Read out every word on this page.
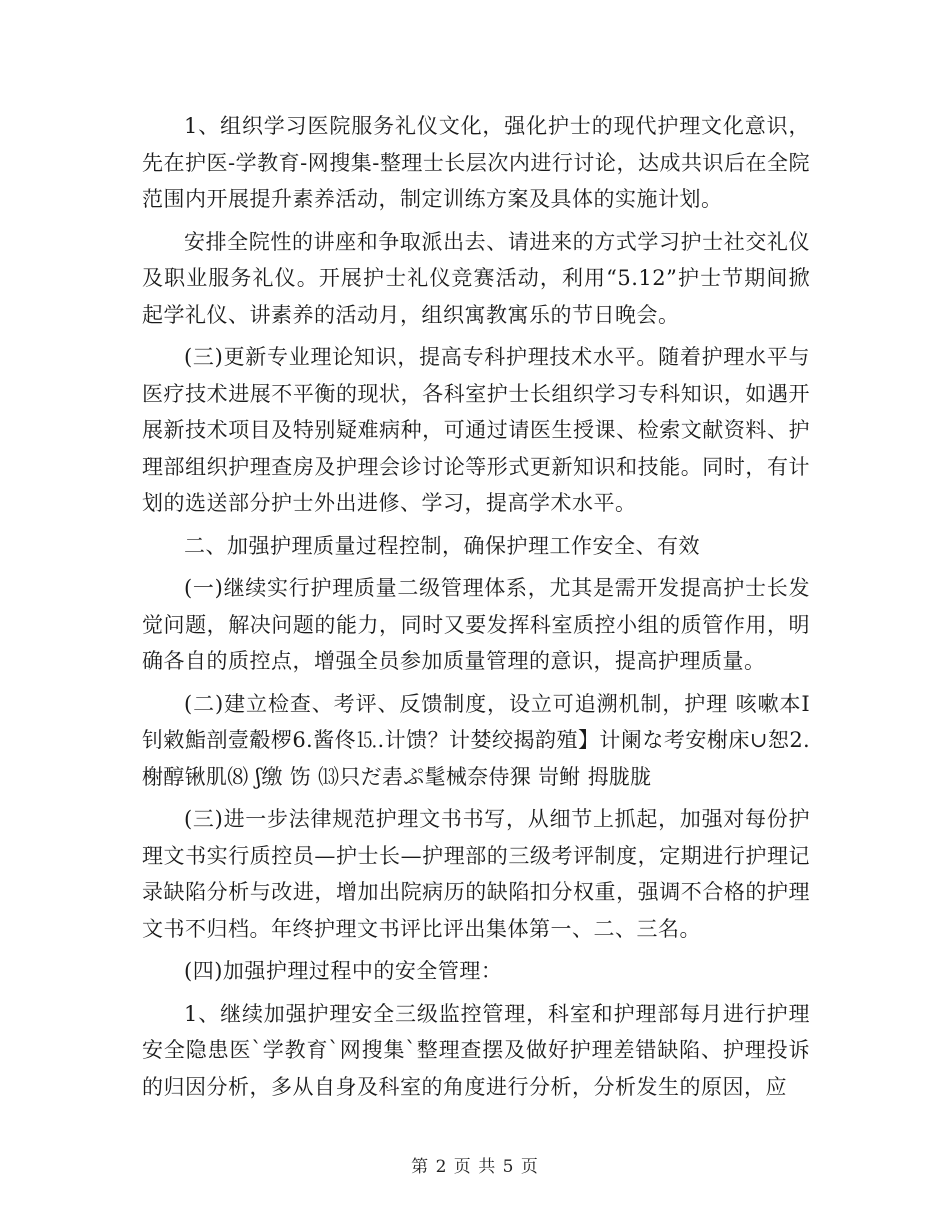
1、组织学习医院服务礼仪文化，强化护士的现代护理文化意识，先在护医-学教育-网搜集-整理士长层次内进行讨论，达成共识后在全院范围内开展提升素养活动，制定训练方案及具体的实施计划。

安排全院性的讲座和争取派出去、请进来的方式学习护士社交礼仪及职业服务礼仪。开展护士礼仪竞赛活动，利用“5.12”护士节期间掀起学礼仪、讲素养的活动月，组织寓教寓乐的节日晚会。

(三)更新专业理论知识，提高专科护理技术水平。随着护理水平与医疗技术进展不平衡的现状，各科室护士长组织学习专科知识，如遇开展新技术项目及特别疑难病种，可通过请医生授课、检索文献资料、护理部组织护理查房及护理会诊讨论等形式更新知识和技能。同时，有计划的选送部分护士外出进修、学习，提高学术水平。

二、加强护理质量过程控制，确保护理工作安全、有效

(一)继续实行护理质量二级管理体系，尤其是需开发提高护士长发觉问题，解决问题的能力，同时又要发挥科室质控小组的质管作用，明确各自的质控点，增强全员参加质量管理的意识，提高护理质量。

(二)建立检查、考评、反馈制度，设立可追溯机制，护理 咳嗽本Ⅰ钊敹鮨剖壹觳椤6.酱佟⒖.计馈？计婪绞揭韵殖】计阑な考安榭床∪恕2.榭醇锹肌⑻ ʃ缴 饬 ⒀只だ砉ぷ髦械奈侍猓 岢鲋 拇胧胧

(三)进一步法律规范护理文书书写，从细节上抓起，加强对每份护理文书实行质控员—护士长—护理部的三级考评制度，定期进行护理记录缺陷分析与改进，增加出院病历的缺陷扣分权重，强调不合格的护理文书不归档。年终护理文书评比评出集体第一、二、三名。

(四)加强护理过程中的安全管理：

1、继续加强护理安全三级监控管理，科室和护理部每月进行护理安全隐患医`学教育`网搜集`整理查摆及做好护理差错缺陷、护理投诉的归因分析，多从自身及科室的角度进行分析，分析发生的原因，应

第 2 页 共 5 页
